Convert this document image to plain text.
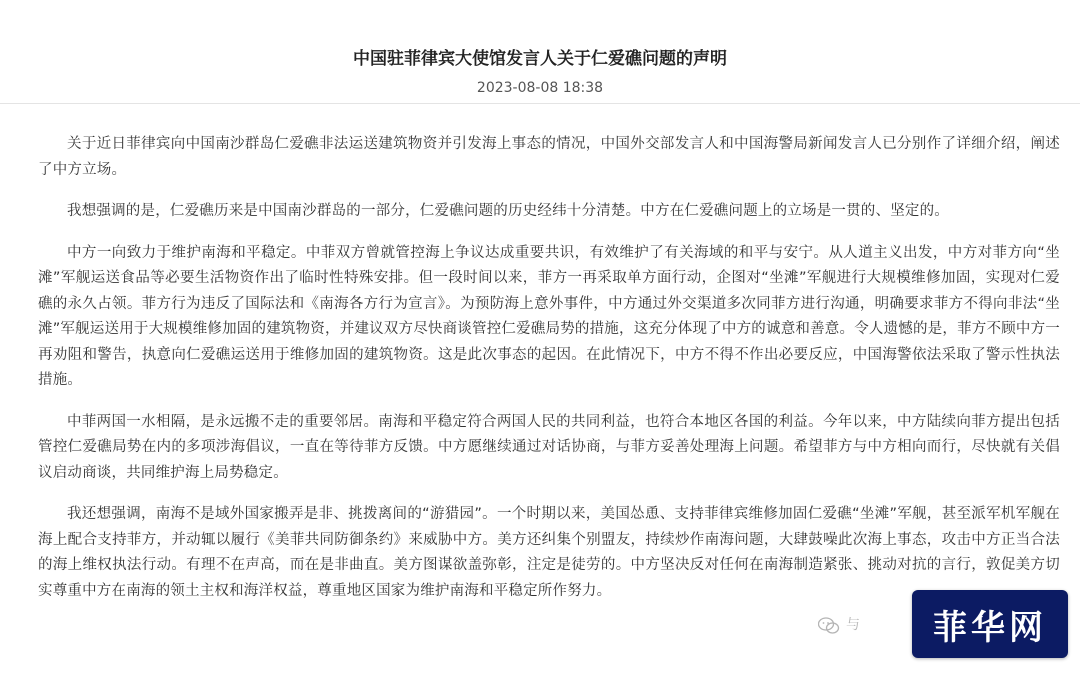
中国驻菲律宾大使馆发言人关于仁爱礁问题的声明
2023-08-08 18:38

关于近日菲律宾向中国南沙群岛仁爱礁非法运送建筑物资并引发海上事态的情况，中国外交部发言人和中国海警局新闻发言人已分别作了详细介绍，阐述了中方立场。

我想强调的是，仁爱礁历来是中国南沙群岛的一部分，仁爱礁问题的历史经纬十分清楚。中方在仁爱礁问题上的立场是一贯的、坚定的。

中方一向致力于维护南海和平稳定。中菲双方曾就管控海上争议达成重要共识，有效维护了有关海域的和平与安宁。从人道主义出发，中方对菲方向“坐滩”军舰运送食品等必要生活物资作出了临时性特殊安排。但一段时间以来，菲方一再采取单方面行动，企图对“坐滩”军舰进行大规模维修加固，实现对仁爱礁的永久占领。菲方行为违反了国际法和《南海各方行为宣言》。为预防海上意外事件，中方通过外交渠道多次同菲方进行沟通，明确要求菲方不得向非法“坐滩”军舰运送用于大规模维修加固的建筑物资，并建议双方尽快商谈管控仁爱礁局势的措施，这充分体现了中方的诚意和善意。令人遗憾的是，菲方不顾中方一再劝阻和警告，执意向仁爱礁运送用于维修加固的建筑物资。这是此次事态的起因。在此情况下，中方不得不作出必要反应，中国海警依法采取了警示性执法措施。

中菲两国一水相隔，是永远搬不走的重要邻居。南海和平稳定符合两国人民的共同利益，也符合本地区各国的利益。今年以来，中方陆续向菲方提出包括管控仁爱礁局势在内的多项涉海倡议，一直在等待菲方反馈。中方愿继续通过对话协商，与菲方妥善处理海上问题。希望菲方与中方相向而行，尽快就有关倡议启动商谈，共同维护海上局势稳定。

我还想强调，南海不是域外国家搬弄是非、挑拨离间的“游猎园”。一个时期以来，美国怂恿、支持菲律宾维修加固仁爱礁“坐滩”军舰，甚至派军机军舰在海上配合支持菲方，并动辄以履行《美菲共同防御条约》来威胁中方。美方还纠集个别盟友，持续炒作南海问题，大肆鼓噪此次海上事态，攻击中方正当合法的海上维权执法行动。有理不在声高，而在是非曲直。美方图谋欲盖弥彰，注定是徒劳的。中方坚决反对任何在南海制造紧张、挑动对抗的言行，敦促美方切实尊重中方在南海的领土主权和海洋权益，尊重地区国家为维护南海和平稳定所作努力。

与 菲华网
